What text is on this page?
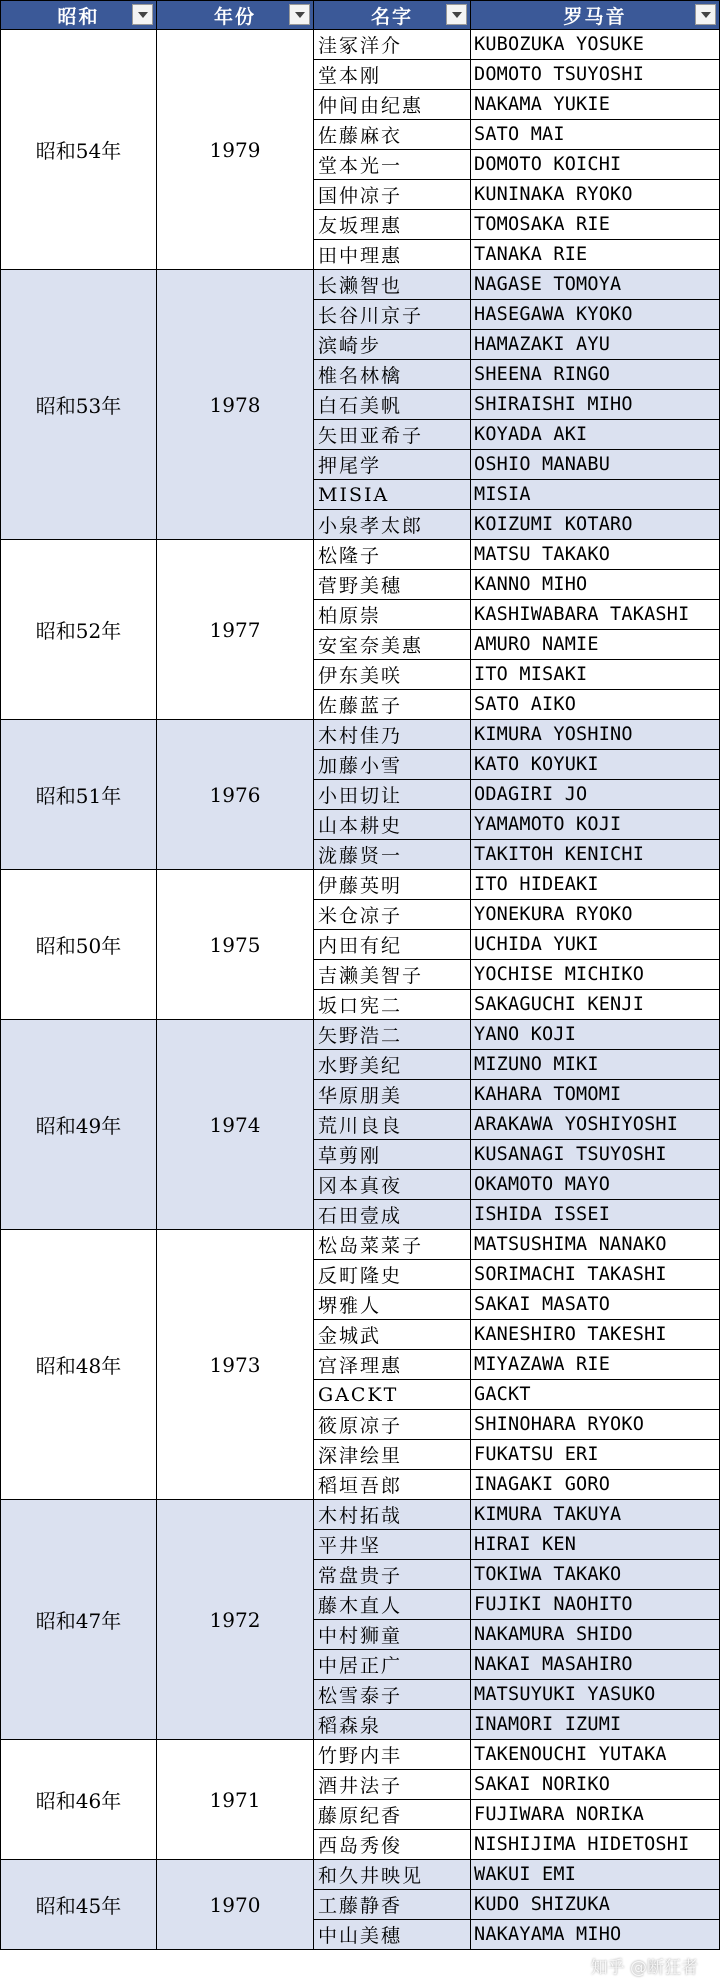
昭和	年份	名字	罗马音

昭和54年	1979	洼冢洋介	KUBOZUKA YOSUKE
		堂本刚	DOMOTO TSUYOSHI
		仲间由纪惠	NAKAMA YUKIE
		佐藤麻衣	SATO MAI
		堂本光一	DOMOTO KOICHI
		国仲凉子	KUNINAKA RYOKO
		友坂理惠	TOMOSAKA RIE
		田中理惠	TANAKA RIE
昭和53年	1978	长濑智也	NAGASE TOMOYA
		长谷川京子	HASEGAWA KYOKO
		滨崎步	HAMAZAKI AYU
		椎名林檎	SHEENA RINGO
		白石美帆	SHIRAISHI MIHO
		矢田亚希子	KOYADA AKI
		押尾学	OSHIO MANABU
		MISIA	MISIA
		小泉孝太郎	KOIZUMI KOTARO
昭和52年	1977	松隆子	MATSU TAKAKO
		菅野美穗	KANNO MIHO
		柏原崇	KASHIWABARA TAKASHI
		安室奈美惠	AMURO NAMIE
		伊东美咲	ITO MISAKI
		佐藤蓝子	SATO AIKO
昭和51年	1976	木村佳乃	KIMURA YOSHINO
		加藤小雪	KATO KOYUKI
		小田切让	ODAGIRI JO
		山本耕史	YAMAMOTO KOJI
		泷藤贤一	TAKITOH KENICHI
昭和50年	1975	伊藤英明	ITO HIDEAKI
		米仓凉子	YONEKURA RYOKO
		内田有纪	UCHIDA YUKI
		吉濑美智子	YOCHISE MICHIKO
		坂口宪二	SAKAGUCHI KENJI
昭和49年	1974	矢野浩二	YANO KOJI
		水野美纪	MIZUNO MIKI
		华原朋美	KAHARA TOMOMI
		荒川良良	ARAKAWA YOSHIYOSHI
		草剪刚	KUSANAGI TSUYOSHI
		冈本真夜	OKAMOTO MAYO
		石田壹成	ISHIDA ISSEI
昭和48年	1973	松岛菜菜子	MATSUSHIMA NANAKO
		反町隆史	SORIMACHI TAKASHI
		堺雅人	SAKAI MASATO
		金城武	KANESHIRO TAKESHI
		宫泽理惠	MIYAZAWA RIE
		GACKT	GACKT
		筱原凉子	SHINOHARA RYOKO
		深津绘里	FUKATSU ERI
		稻垣吾郎	INAGAKI GORO
昭和47年	1972	木村拓哉	KIMURA TAKUYA
		平井坚	HIRAI KEN
		常盘贵子	TOKIWA TAKAKO
		藤木直人	FUJIKI NAOHITO
		中村狮童	NAKAMURA SHIDO
		中居正广	NAKAI MASAHIRO
		松雪泰子	MATSUYUKI YASUKO
		稻森泉	INAMORI IZUMI
昭和46年	1971	竹野内丰	TAKENOUCHI YUTAKA
		酒井法子	SAKAI NORIKO
		藤原纪香	FUJIWARA NORIKA
		西岛秀俊	NISHIJIMA HIDETOSHI
昭和45年	1970	和久井映见	WAKUI EMI
		工藤静香	KUDO SHIZUKA
		中山美穗	NAKAYAMA MIHO
知乎 @断狂者
